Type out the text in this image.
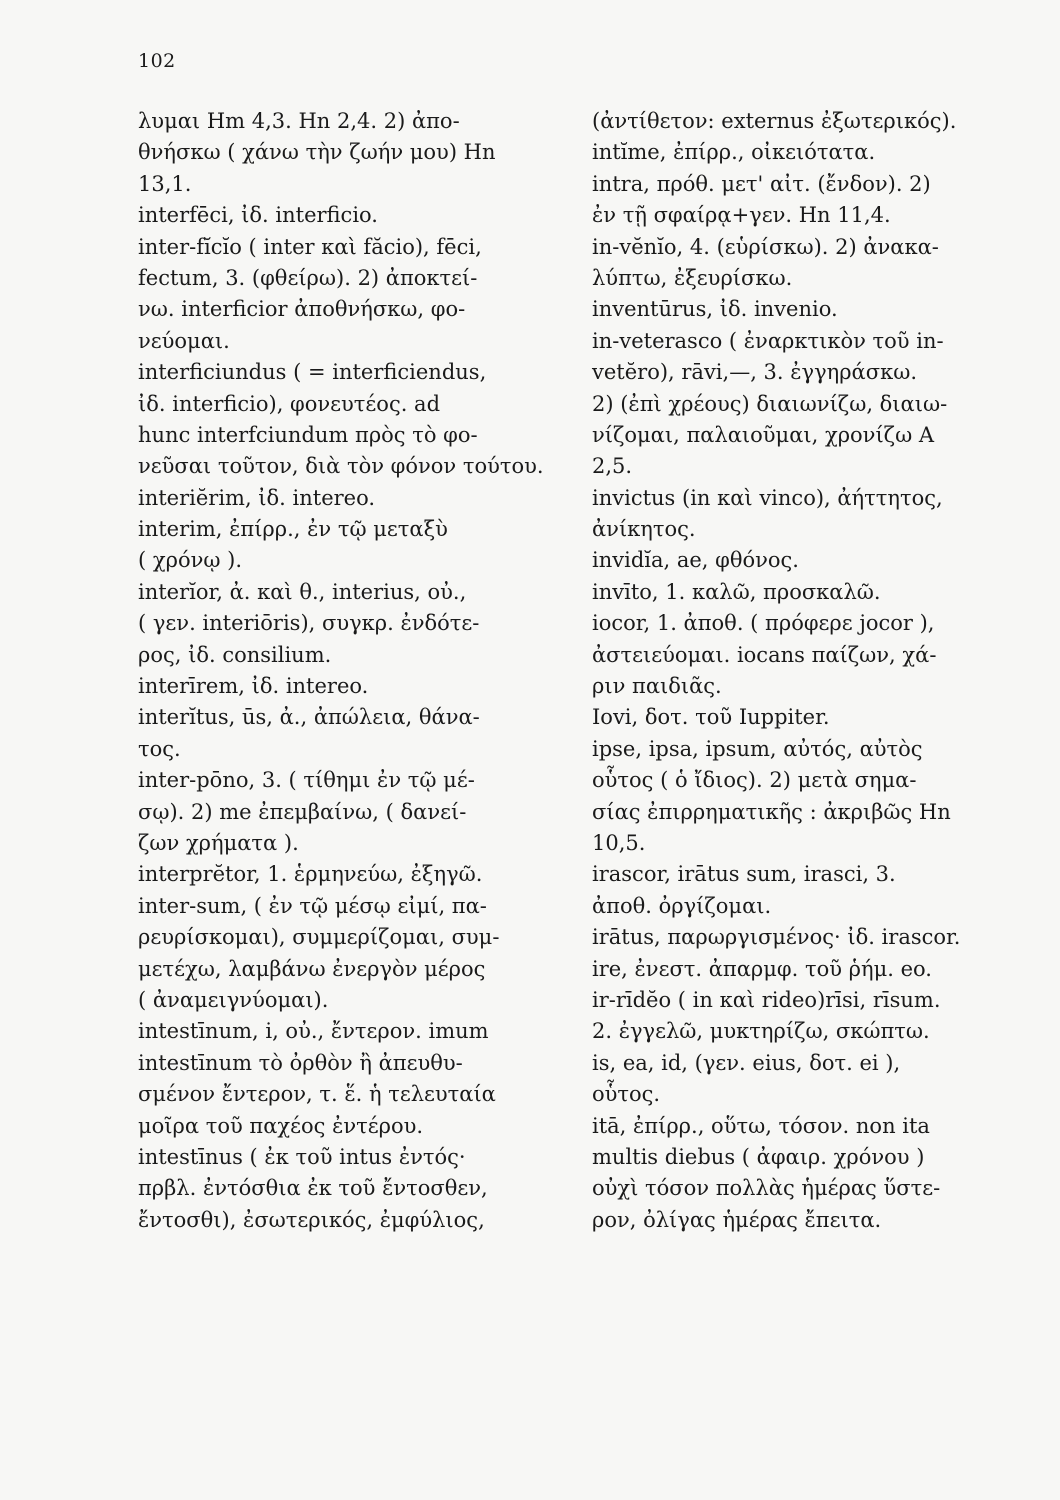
102
λυμαι Hm 4,3. Hn 2,4. 2) ἀπο-
θνήσκω ( χάνω τὴν ζωήν μου) Hn
13,1.
interfēci, ἰδ. interficio.
inter-fĭcĭo ( inter καὶ făcio), fēci,
fectum, 3. (φθείρω). 2) ἀποκτεί-
νω. interficior ἀποθνήσκω, φο-
νεύομαι.
interficiundus ( = interficiendus,
ἰδ. interficio), φονευτέος. ad
hunc interfciundum πρὸς τὸ φο-
νεῦσαι τοῦτον, διὰ τὸν φόνον τούτου.
interiĕrim, ἰδ. intereo.
interim, ἐπίρρ., ἐν τῷ μεταξὺ
( χρόνῳ ).
interĭor, ἀ. καὶ θ., interius, οὐ.,
( γεν. interiōris), συγκρ. ἐνδότε-
ρος, ἰδ. consilium.
interīrem, ἰδ. intereo.
interĭtus, ūs, ἀ., ἀπώλεια, θάνα-
τος.
inter-pōno, 3. ( τίθημι ἐν τῷ μέ-
σῳ). 2) me ἐπεμβαίνω, ( δανεί-
ζων χρήματα ).
interprĕtor, 1. ἑρμηνεύω, ἐξηγῶ.
inter-sum, ( ἐν τῷ μέσῳ εἰμί, πα-
ρευρίσκομαι), συμμερίζομαι, συμ-
μετέχω, λαμβάνω ἐνεργὸν μέρος
( ἀναμειγνύομαι).
intestīnum, i, οὐ., ἔντερον. imum
intestīnum τὸ ὀρθὸν ἢ ἀπευθυ-
σμένον ἔντερον, τ. ἕ. ἡ τελευταία
μοῖρα τοῦ παχέος ἐντέρου.
intestīnus ( ἐκ τοῦ intus ἐντός·
πρβλ. ἐντόσθια ἐκ τοῦ ἔντοσθεν,
ἔντοσθι), ἐσωτερικός, ἐμφύλιος,
(ἀντίθετον: externus ἐξωτερικός).
intĭme, ἐπίρρ., οἰκειότατα.
intra, πρόθ. μετ' αἰτ. (ἔνδον). 2)
ἐν τῇ σφαίρᾳ+γεν. Hn 11,4.
in-vĕnĭo, 4. (εὑρίσκω). 2) ἀνακα-
λύπτω, ἐξευρίσκω.
inventūrus, ἰδ. invenio.
in-veterasco ( ἐναρκτικὸν τοῦ in-
vetĕro), rāvi,—, 3. ἐγγηράσκω.
2) (ἐπὶ χρέους) διαιωνίζω, διαιω-
νίζομαι, παλαιοῦμαι, χρονίζω A
2,5.
invictus (in καὶ vinco), ἀήττητος,
ἀνίκητος.
invidĭa, ae, φθόνος.
invīto, 1. καλῶ, προσκαλῶ.
iocor, 1. ἀποθ. ( πρόφερε jocor ),
ἀστειεύομαι. iocans παίζων, χά-
ριν παιδιᾶς.
Iovi, δοτ. τοῦ Iuppiter.
ipse, ipsa, ipsum, αὐτός, αὐτὸς
οὗτος ( ὁ ἴδιος). 2) μετὰ σημα-
σίας ἐπιρρηματικῆς : ἀκριβῶς Hn
10,5.
irascor, irātus sum, irasci, 3.
ἀποθ. ὀργίζομαι.
irātus, παρωργισμένος· ἰδ. irascor.
ire, ἐνεστ. ἀπαρμφ. τοῦ ῥήμ. eo.
ir-rīdĕo ( in καὶ rideo)rīsi, rīsum.
2. ἐγγελῶ, μυκτηρίζω, σκώπτω.
is, ea, id, (γεν. eius, δοτ. ei ),
οὗτος.
itā, ἐπίρρ., οὕτω, τόσον. non ita
multis diebus ( ἀφαιρ. χρόνου )
οὐχὶ τόσον πολλὰς ἡμέρας ὕστε-
ρον, ὀλίγας ἡμέρας ἔπειτα.
